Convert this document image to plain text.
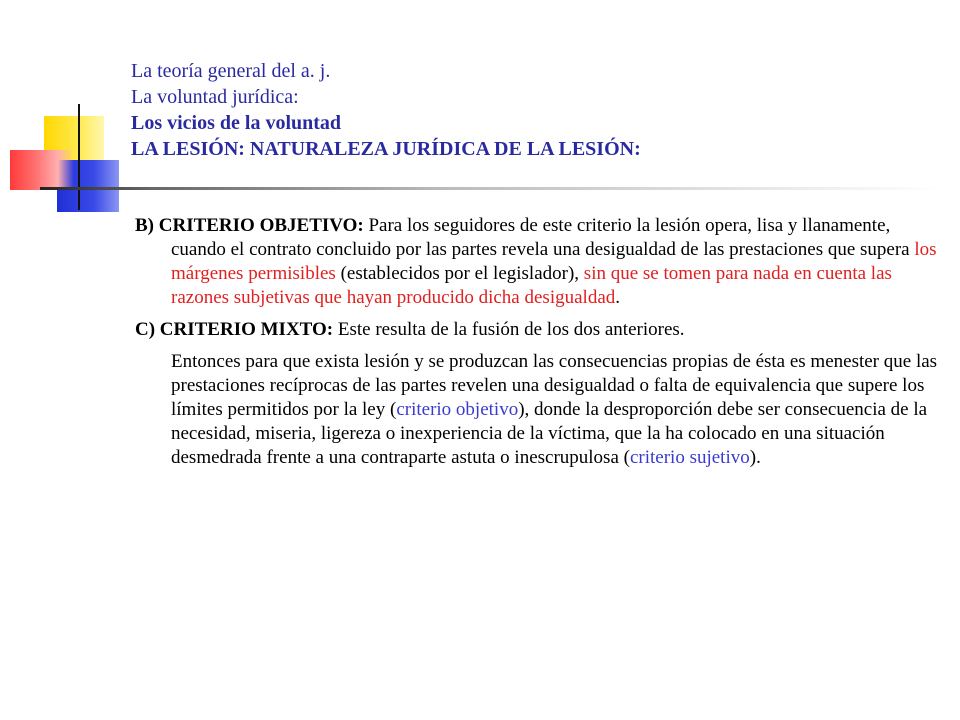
La teoría general del a. j.
La voluntad jurídica:
Los vicios de la voluntad
LA LESIÓN: NATURALEZA JURÍDICA DE LA LESIÓN:

B) CRITERIO OBJETIVO: Para los seguidores de este criterio la lesión opera, lisa y llanamente, cuando el contrato concluido por las partes revela una desigualdad de las prestaciones que supera los márgenes permisibles (establecidos por el legislador), sin que se tomen para nada en cuenta las razones subjetivas que hayan producido dicha desigualdad.

C) CRITERIO MIXTO: Este resulta de la fusión de los dos anteriores.

Entonces para que exista lesión y se produzcan las consecuencias propias de ésta es menester que las prestaciones recíprocas de las partes revelen una desigualdad o falta de equivalencia que supere los límites permitidos por la ley (criterio objetivo), donde la desproporción debe ser consecuencia de la necesidad, miseria, ligereza o inexperiencia de la víctima, que la ha colocado en una situación desmedrada frente a una contraparte astuta o inescrupulosa (criterio sujetivo).
